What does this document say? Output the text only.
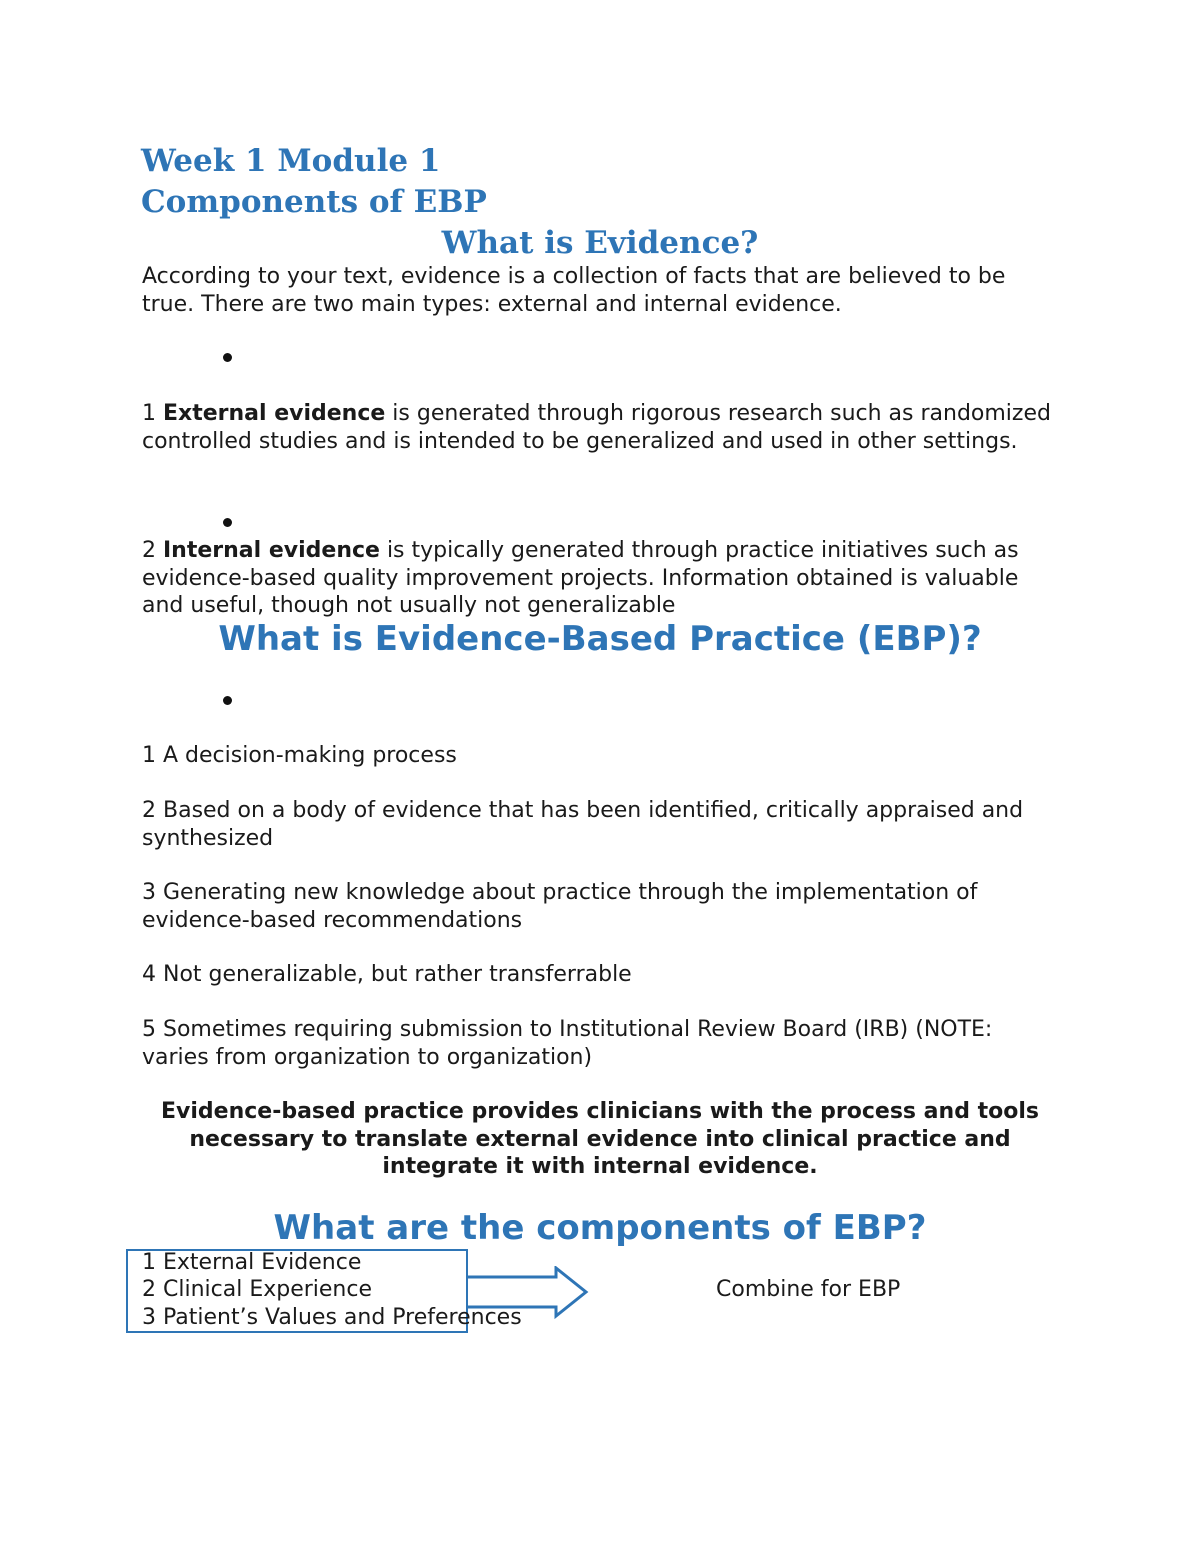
Week 1 Module 1
Components of EBP
What is Evidence?
According to your text, evidence is a collection of facts that are believed to be true. There are two main types: external and internal evidence.
1 External evidence is generated through rigorous research such as randomized controlled studies and is intended to be generalized and used in other settings.
2 Internal evidence is typically generated through practice initiatives such as evidence-based quality improvement projects. Information obtained is valuable and useful, though not usually not generalizable
What is Evidence-Based Practice (EBP)?
1 A decision-making process
2 Based on a body of evidence that has been identified, critically appraised and synthesized
3 Generating new knowledge about practice through the implementation of evidence-based recommendations
4 Not generalizable, but rather transferrable
5 Sometimes requiring submission to Institutional Review Board (IRB) (NOTE: varies from organization to organization)
Evidence-based practice provides clinicians with the process and tools necessary to translate external evidence into clinical practice and integrate it with internal evidence.
What are the components of EBP?
1 External Evidence
2 Clinical Experience
3 Patient’s Values and Preferences
Combine for EBP
